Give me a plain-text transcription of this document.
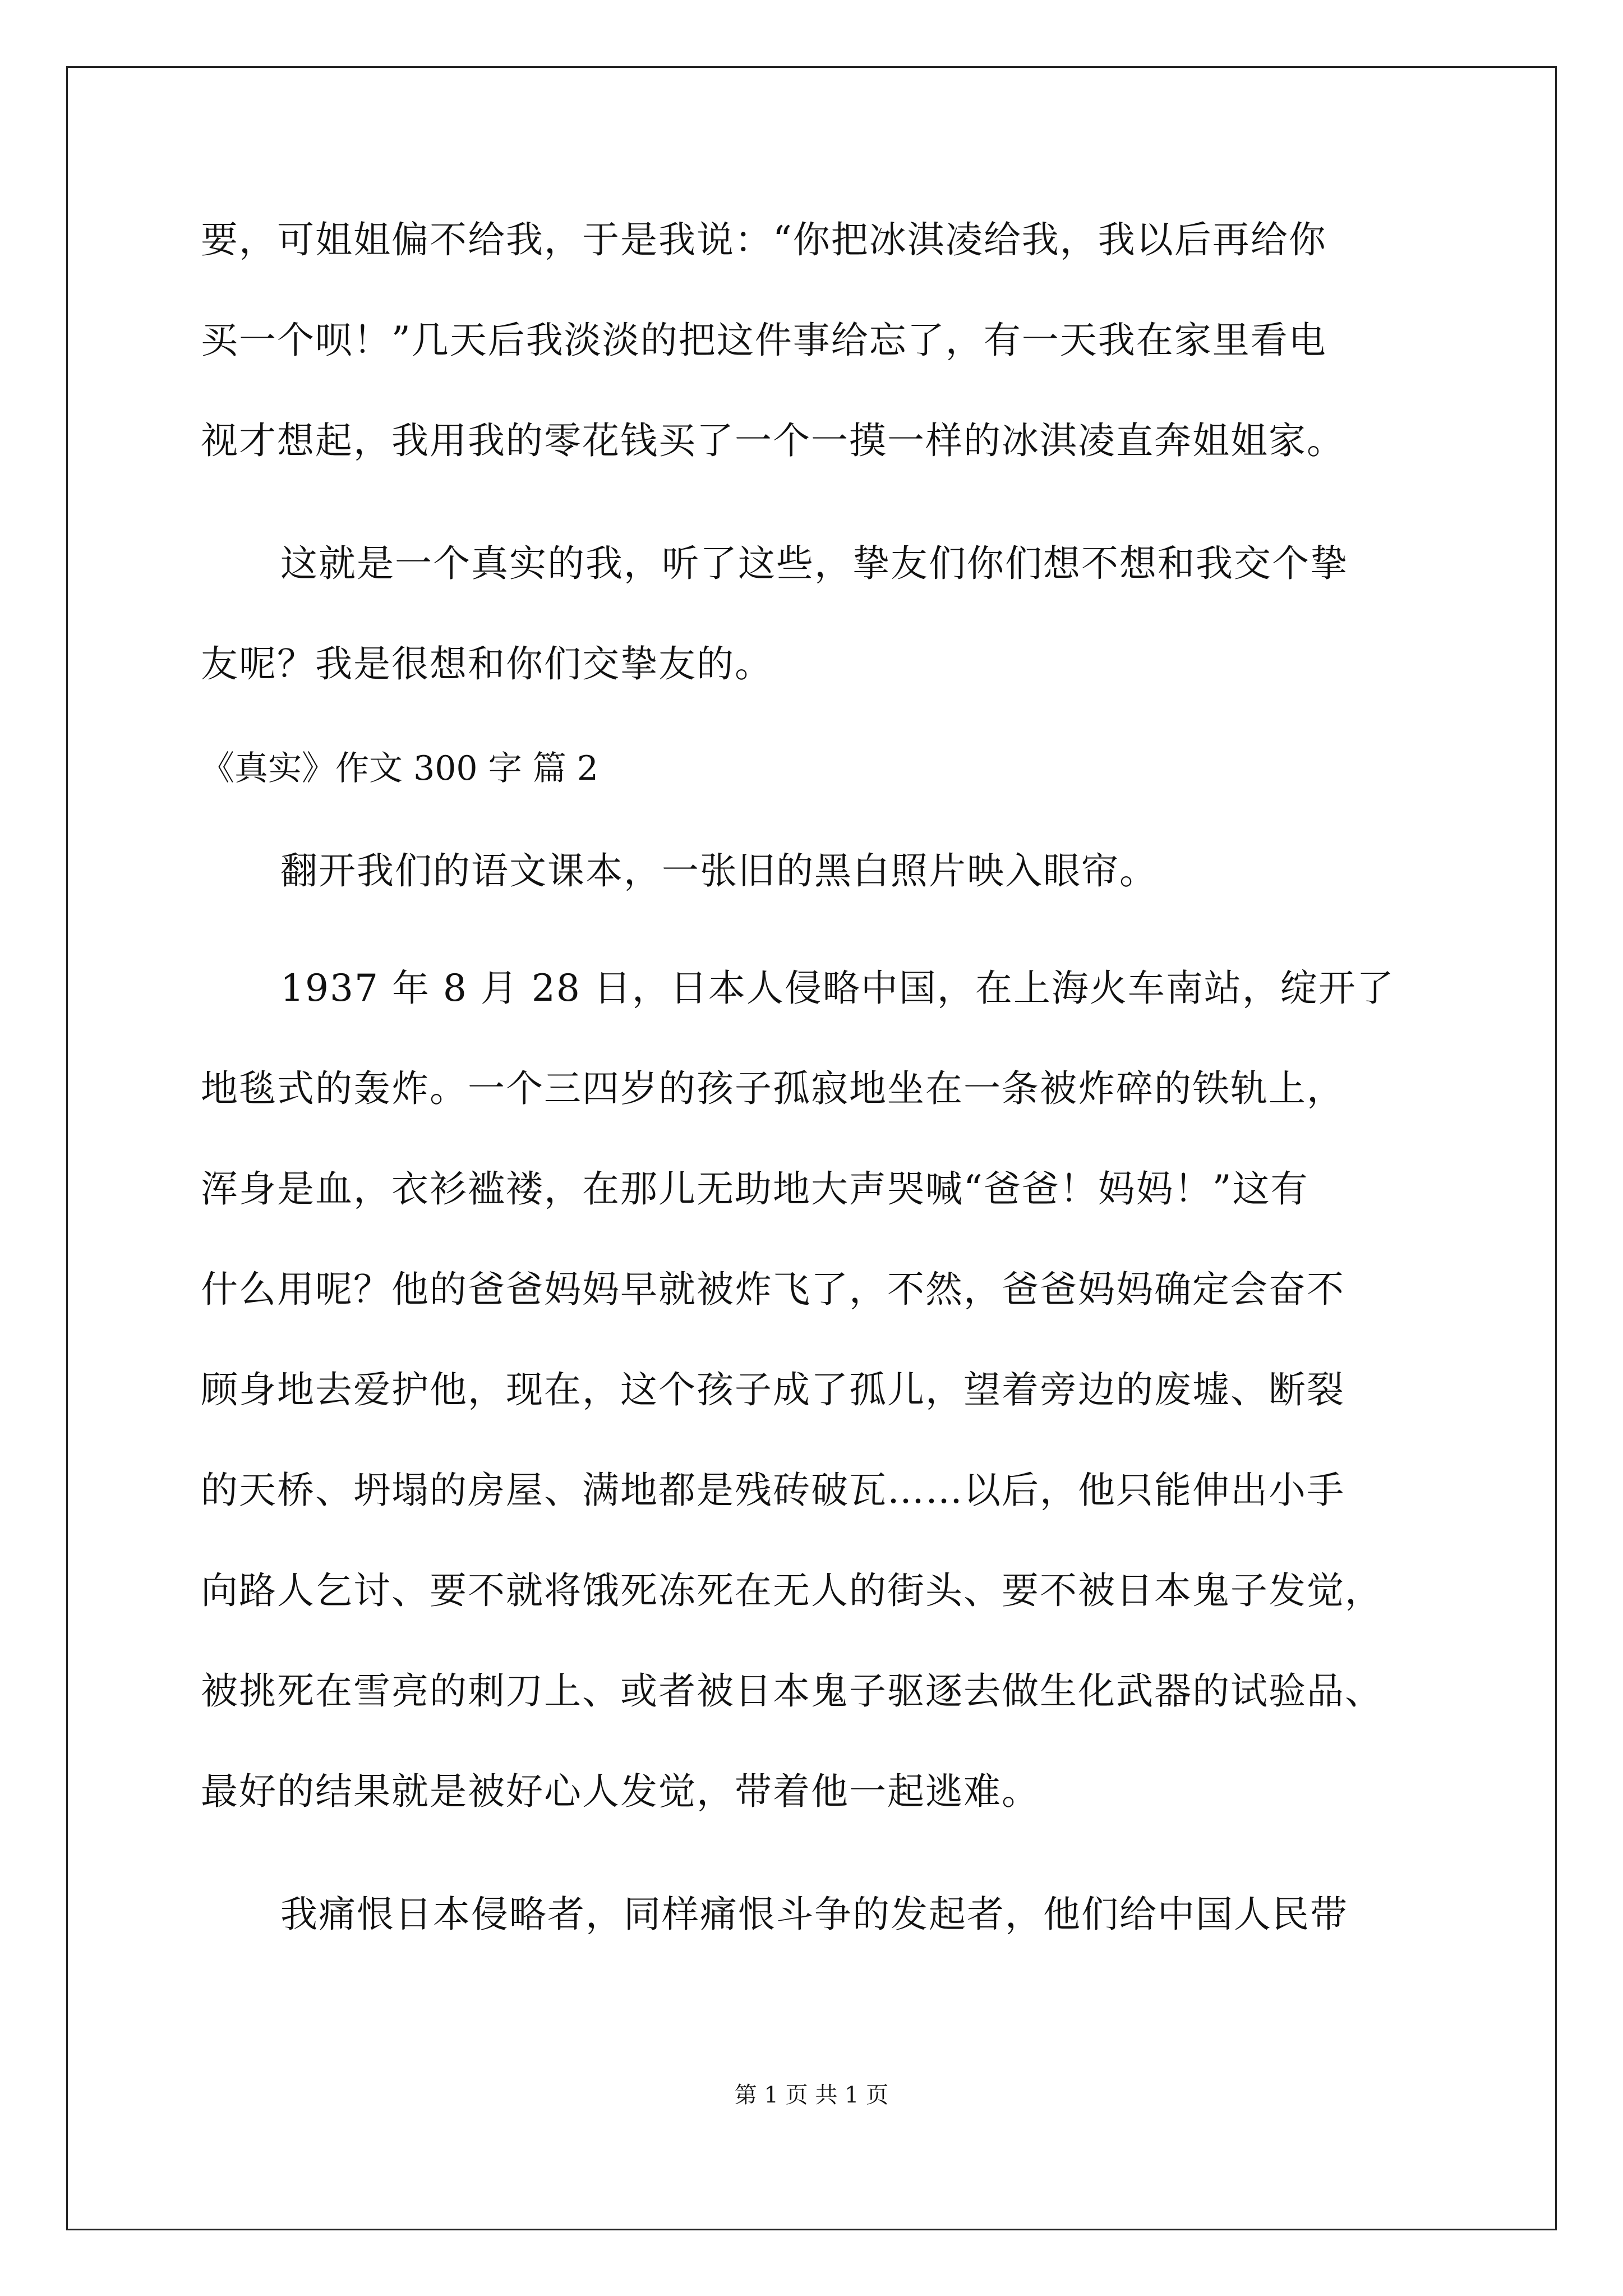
要，可姐姐偏不给我，于是我说：“你把冰淇凌给我，我以后再给你

买一个呗！”几天后我淡淡的把这件事给忘了，有一天我在家里看电

视才想起，我用我的零花钱买了一个一摸一样的冰淇凌直奔姐姐家。

这就是一个真实的我，听了这些，挚友们你们想不想和我交个挚

友呢？我是很想和你们交挚友的。

《真实》作文 300 字 篇 2

翻开我们的语文课本，一张旧的黑白照片映入眼帘。

1937 年 8 月 28 日，日本人侵略中国，在上海火车南站，绽开了

地毯式的轰炸。一个三四岁的孩子孤寂地坐在一条被炸碎的铁轨上，

浑身是血，衣衫褴褛，在那儿无助地大声哭喊“爸爸！妈妈！”这有

什么用呢？他的爸爸妈妈早就被炸飞了，不然，爸爸妈妈确定会奋不

顾身地去爱护他，现在，这个孩子成了孤儿，望着旁边的废墟、断裂

的天桥、坍塌的房屋、满地都是残砖破瓦……以后，他只能伸出小手

向路人乞讨、要不就将饿死冻死在无人的街头、要不被日本鬼子发觉，

被挑死在雪亮的刺刀上、或者被日本鬼子驱逐去做生化武器的试验品、

最好的结果就是被好心人发觉，带着他一起逃难。

我痛恨日本侵略者，同样痛恨斗争的发起者，他们给中国人民带

第 1 页 共 1 页
